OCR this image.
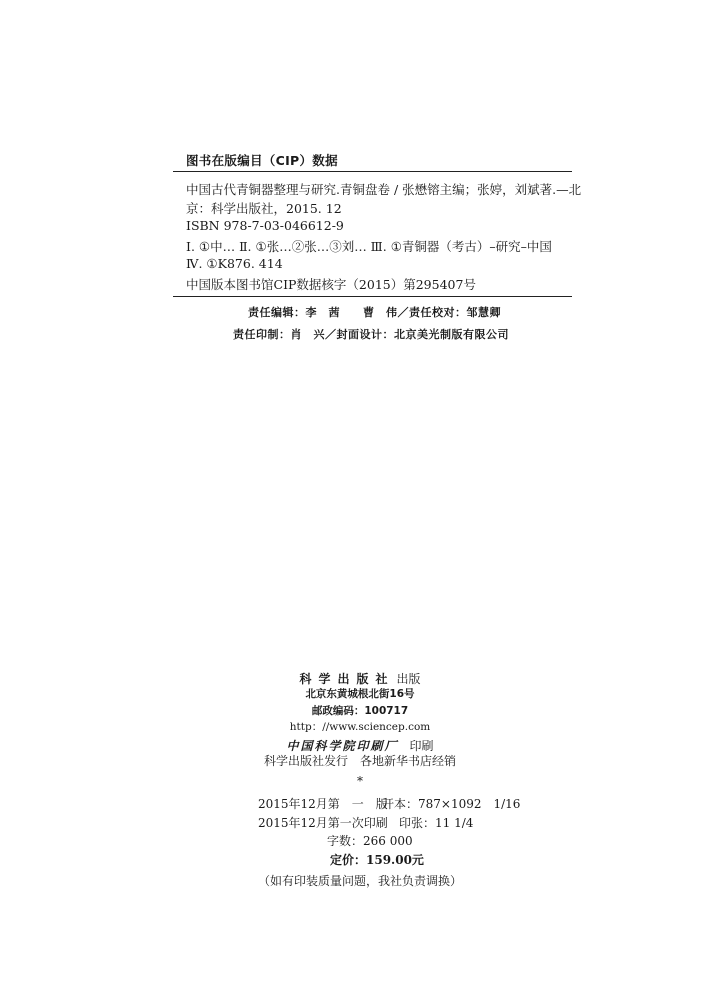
图书在版编目（CIP）数据
中国古代青铜器整理与研究.青铜盘卷 / 张懋镕主编；张婷，刘斌著.—北
京：科学出版社，2015. 12
ISBN 978-7-03-046612-9
Ⅰ. ①中… Ⅱ. ①张…②张…③刘… Ⅲ. ①青铜器（考古）–研究–中国
Ⅳ. ①K876. 414
中国版本图书馆CIP数据核字（2015）第295407号
责任编辑：李　茜　　曹　伟／责任校对：邹慧卿
责任印制：肖　兴／封面设计：北京美光制版有限公司
科学出版社 出版
北京东黄城根北街16号
邮政编码：100717
http：//www.sciencep.com
中国科学院印刷厂 印刷
科学出版社发行　各地新华书店经销
*
2015年12月第　一　版
开本：787×1092　1/16
2015年12月第一次印刷 印张：11 1/4
字数：266 000
定价：159.00元
（如有印装质量问题，我社负责调换）
